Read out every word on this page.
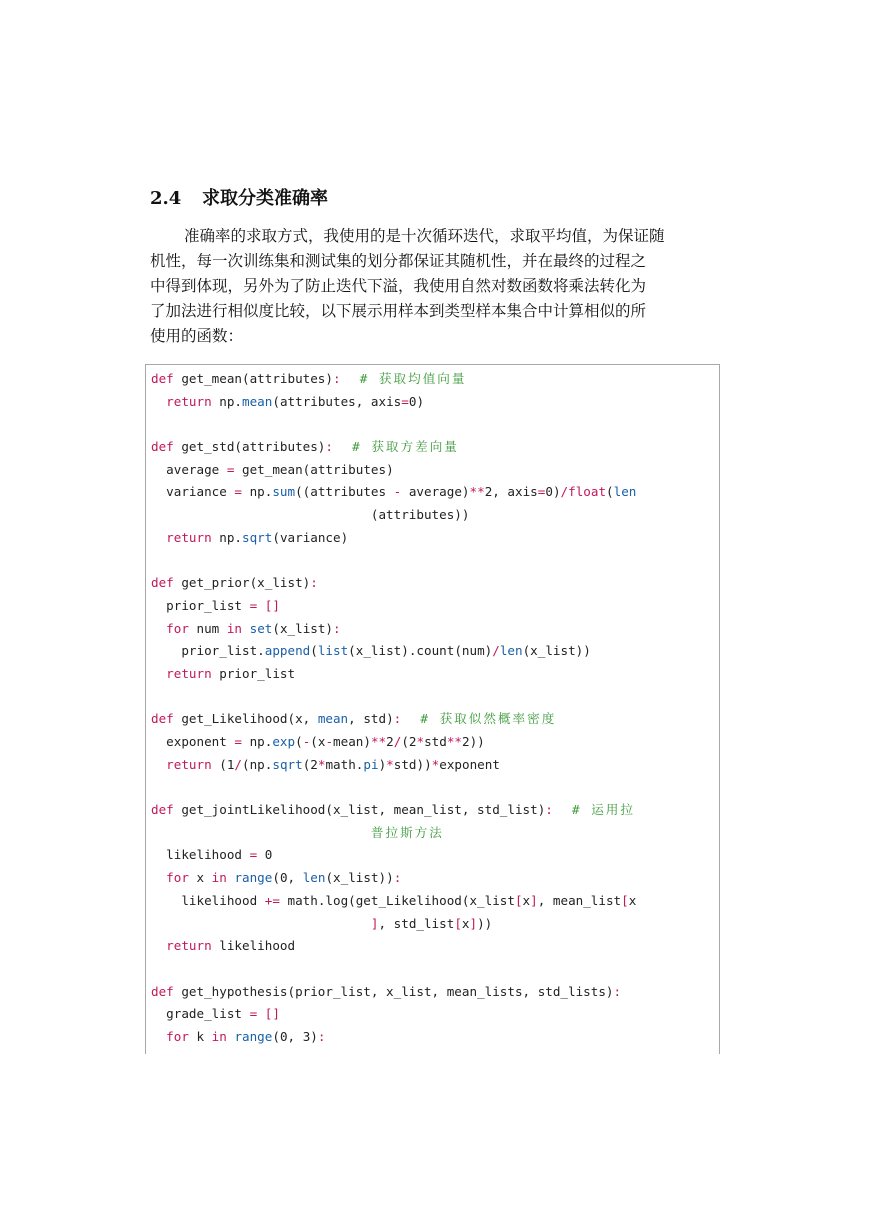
2.4 求取分类准确率
准确率的求取方式，我使用的是十次循环迭代，求取平均值，为保证随
机性，每一次训练集和测试集的划分都保证其随机性，并在最终的过程之
中得到体现，另外为了防止迭代下溢，我使用自然对数函数将乘法转化为
了加法进行相似度比较，以下展示用样本到类型样本集合中计算相似的所
使用的函数：
def get_mean(attributes):  # 获取均值向量
return np.mean(attributes, axis=0)

def get_std(attributes):  # 获取方差向量
average = get_mean(attributes)
variance = np.sum((attributes - average)**2, axis=0)/float(len
(attributes))
return np.sqrt(variance)

def get_prior(x_list):
prior_list = []
for num in set(x_list):
prior_list.append(list(x_list).count(num)/len(x_list))
return prior_list

def get_Likelihood(x, mean, std):  # 获取似然概率密度
exponent = np.exp(-(x-mean)**2/(2*std**2))
return (1/(np.sqrt(2*math.pi)*std))*exponent

def get_jointLikelihood(x_list, mean_list, std_list):  # 运用拉
普拉斯方法
likelihood = 0
for x in range(0, len(x_list)):
likelihood += math.log(get_Likelihood(x_list[x], mean_list[x
], std_list[x]))
return likelihood

def get_hypothesis(prior_list, x_list, mean_lists, std_lists):
grade_list = []
for k in range(0, 3):
